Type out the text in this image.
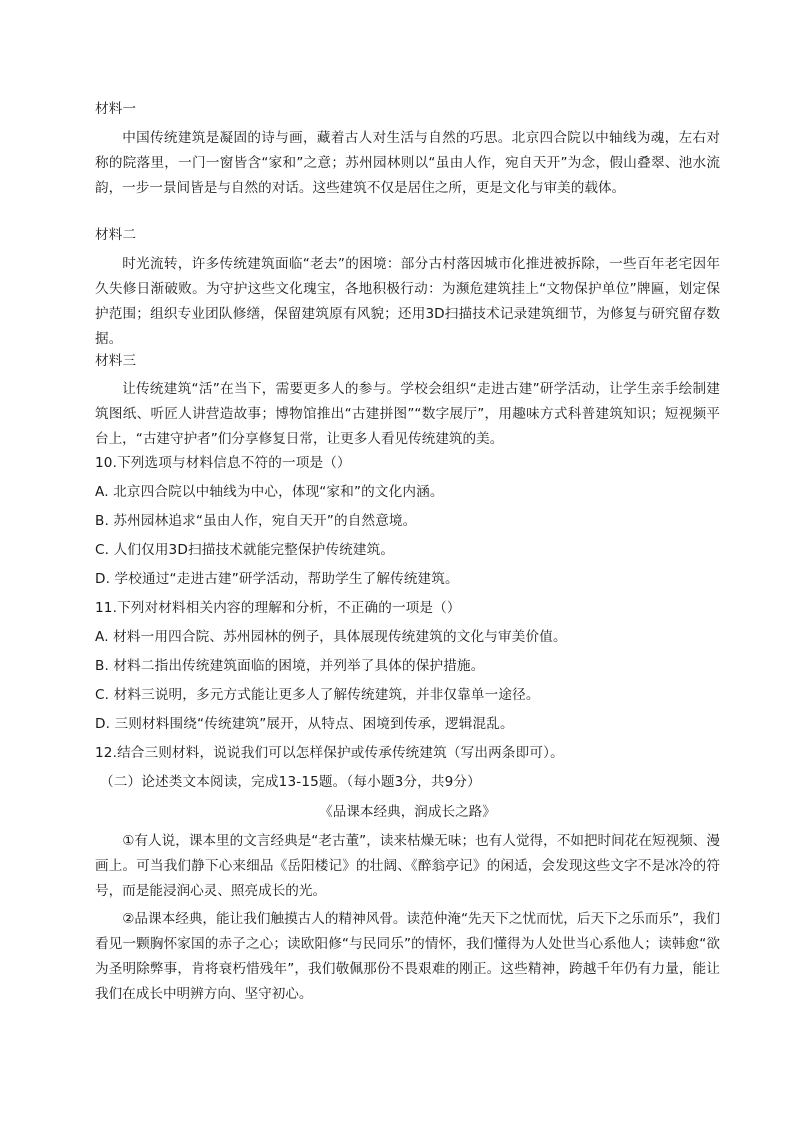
材料一
中国传统建筑是凝固的诗与画，藏着古人对生活与自然的巧思。北京四合院以中轴线为魂，左右对称的院落里，一门一窗皆含“家和”之意；苏州园林则以“虽由人作，宛自天开”为念，假山叠翠、池水流韵，一步一景间皆是与自然的对话。这些建筑不仅是居住之所，更是文化与审美的载体。
材料二
时光流转，许多传统建筑面临“老去”的困境：部分古村落因城市化推进被拆除，一些百年老宅因年久失修日渐破败。为守护这些文化瑰宝，各地积极行动：为濒危建筑挂上“文物保护单位”牌匾，划定保护范围；组织专业团队修缮，保留建筑原有风貌；还用3D扫描技术记录建筑细节，为修复与研究留存数据。
材料三
让传统建筑“活”在当下，需要更多人的参与。学校会组织“走进古建”研学活动，让学生亲手绘制建筑图纸、听匠人讲营造故事；博物馆推出“古建拼图”“数字展厅”，用趣味方式科普建筑知识；短视频平台上，“古建守护者”们分享修复日常，让更多人看见传统建筑的美。
10.下列选项与材料信息不符的一项是（）
A. 北京四合院以中轴线为中心，体现“家和”的文化内涵。
B. 苏州园林追求“虽由人作，宛自天开”的自然意境。
C. 人们仅用3D扫描技术就能完整保护传统建筑。
D. 学校通过“走进古建”研学活动，帮助学生了解传统建筑。
11.下列对材料相关内容的理解和分析，不正确的一项是（）
A. 材料一用四合院、苏州园林的例子，具体展现传统建筑的文化与审美价值。
B. 材料二指出传统建筑面临的困境，并列举了具体的保护措施。
C. 材料三说明，多元方式能让更多人了解传统建筑，并非仅靠单一途径。
D. 三则材料围绕“传统建筑”展开，从特点、困境到传承，逻辑混乱。
12.结合三则材料，说说我们可以怎样保护或传承传统建筑（写出两条即可）。
（二）论述类文本阅读，完成13-15题。（每小题3分，共9分）
《品课本经典，润成长之路》
①有人说，课本里的文言经典是“老古董”，读来枯燥无味；也有人觉得，不如把时间花在短视频、漫画上。可当我们静下心来细品《岳阳楼记》的壮阔、《醉翁亭记》的闲适，会发现这些文字不是冰冷的符号，而是能浸润心灵、照亮成长的光。
②品课本经典，能让我们触摸古人的精神风骨。读范仲淹“先天下之忧而忧，后天下之乐而乐”，我们看见一颗胸怀家国的赤子之心；读欧阳修“与民同乐”的情怀，我们懂得为人处世当心系他人；读韩愈“欲为圣明除弊事，肯将衰朽惜残年”，我们敬佩那份不畏艰难的刚正。这些精神，跨越千年仍有力量，能让我们在成长中明辨方向、坚守初心。
